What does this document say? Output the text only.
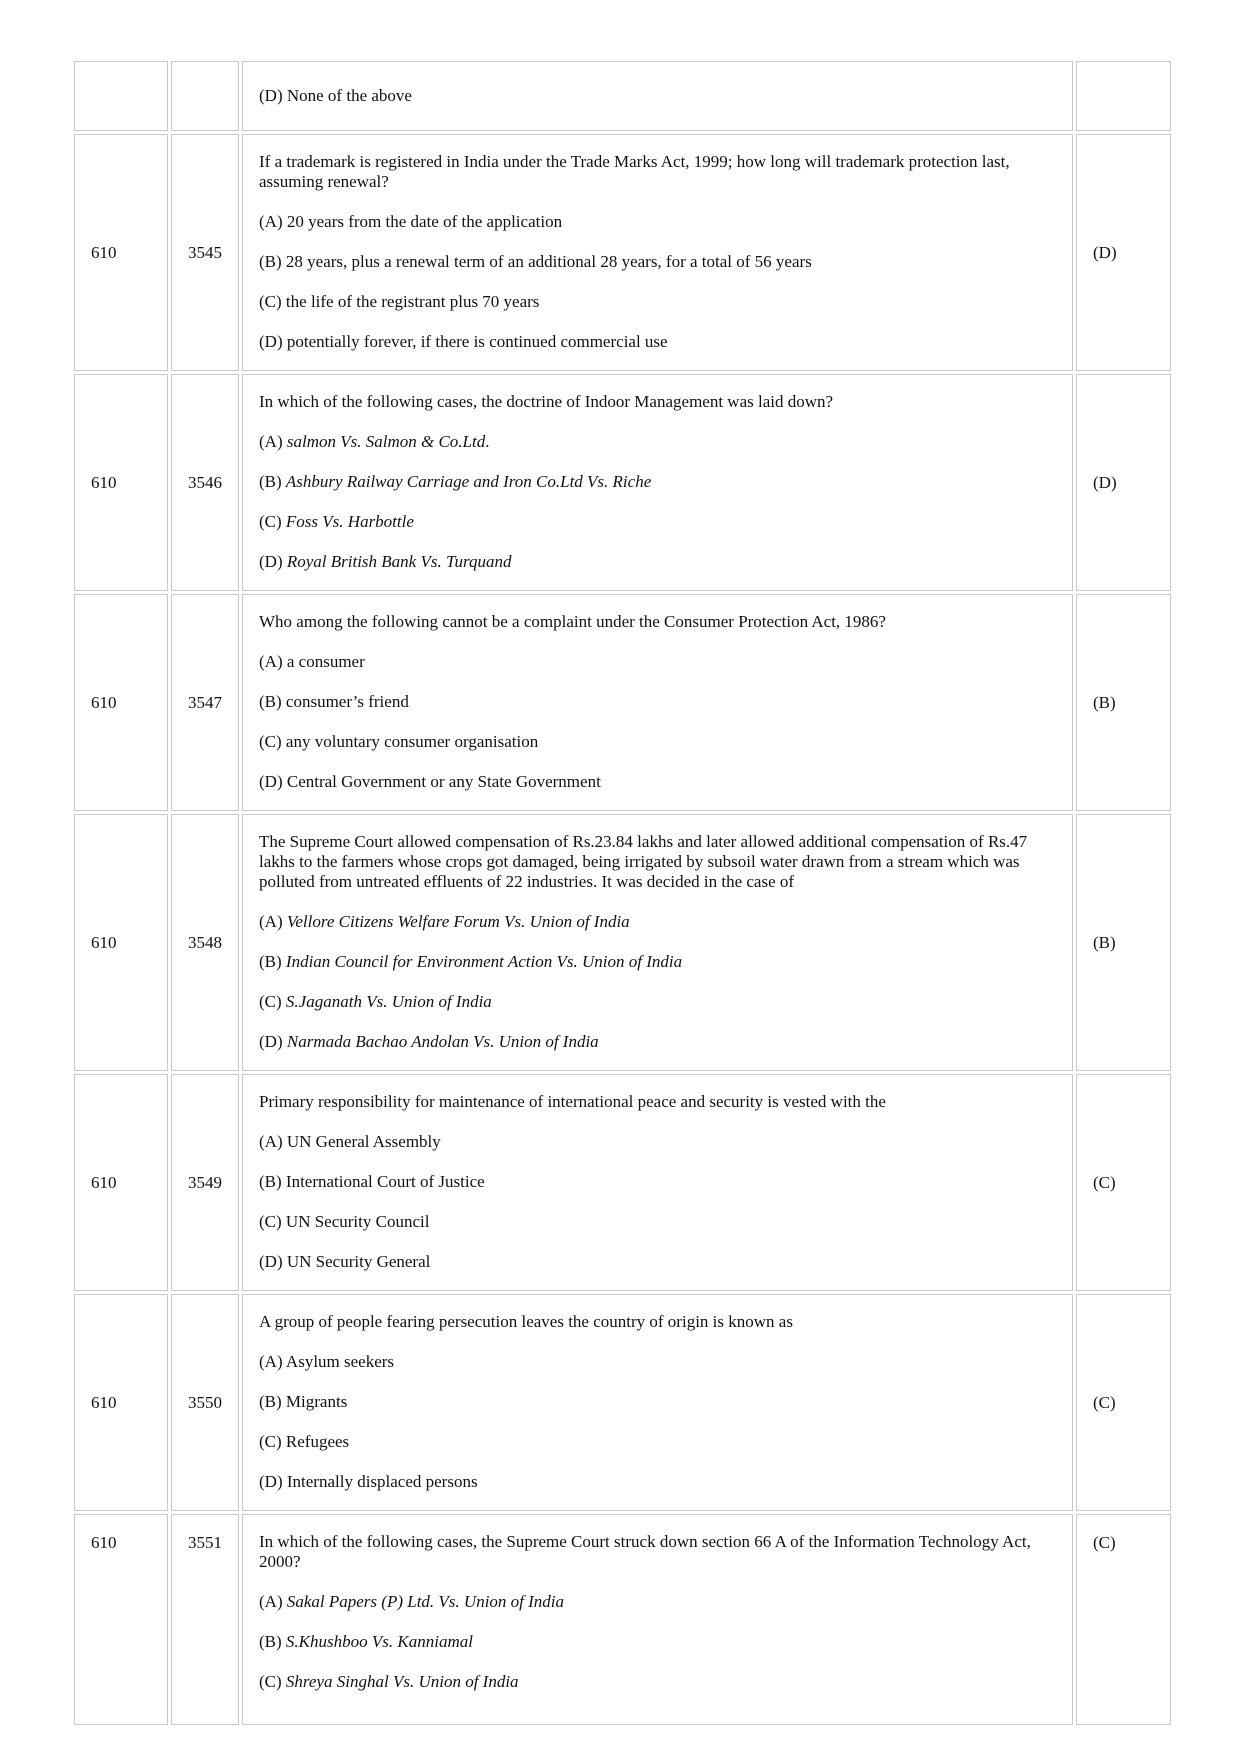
		(D) None of the above	

610	3545	If a trademark is registered in India under the Trade Marks Act, 1999; how long will trademark protection last, assuming renewal?

(A) 20 years from the date of the application

(B) 28 years, plus a renewal term of an additional 28 years, for a total of 56 years

(C) the life of the registrant plus 70 years

(D) potentially forever, if there is continued commercial use	(D)
610	3546	In which of the following cases, the doctrine of Indoor Management was laid down?

(A) salmon Vs. Salmon & Co.Ltd.

(B) Ashbury Railway Carriage and Iron Co.Ltd Vs. Riche

(C) Foss Vs. Harbottle

(D) Royal British Bank Vs. Turquand	(D)
610	3547	Who among the following cannot be a complaint under the Consumer Protection Act, 1986?

(A) a consumer

(B) consumer’s friend

(C) any voluntary consumer organisation

(D) Central Government or any State Government	(B)
610	3548	The Supreme Court allowed compensation of Rs.23.84 lakhs and later allowed additional compensation of Rs.47 lakhs to the farmers whose crops got damaged, being irrigated by subsoil water drawn from a stream which was polluted from untreated effluents of 22 industries. It was decided in the case of

(A) Vellore Citizens Welfare Forum Vs. Union of India

(B) Indian Council for Environment Action Vs. Union of India

(C) S.Jaganath Vs. Union of India

(D) Narmada Bachao Andolan Vs. Union of India	(B)
610	3549	Primary responsibility for maintenance of international peace and security is vested with the

(A) UN General Assembly

(B) International Court of Justice

(C) UN Security Council

(D) UN Security General	(C)
610	3550	A group of people fearing persecution leaves the country of origin is known as

(A) Asylum seekers

(B) Migrants

(C) Refugees

(D) Internally displaced persons	(C)
610	3551	In which of the following cases, the Supreme Court struck down section 66 A of the Information Technology Act, 2000?

(A) Sakal Papers (P) Ltd. Vs. Union of India

(B) S.Khushboo Vs. Kanniamal

(C) Shreya Singhal Vs. Union of India	(C)
